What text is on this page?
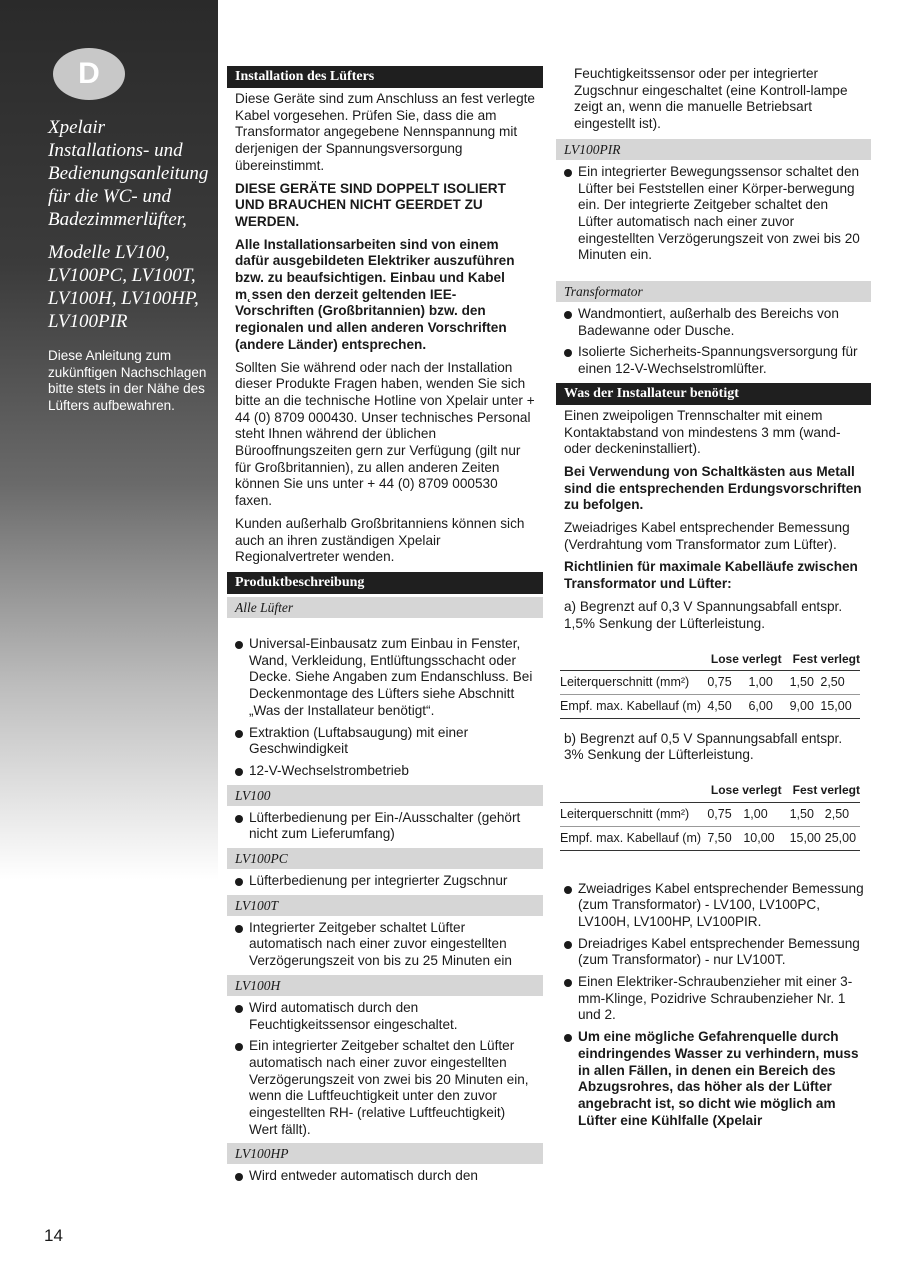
D
Xpelair
Installations- und
Bedienungsanleitung
für die WC- und
Badezimmerlüfter,
Modelle LV100,
LV100PC, LV100T,
LV100H, LV100HP,
LV100PIR
Diese Anleitung zum zukünftigen Nachschlagen bitte stets in der Nähe des Lüfters aufbewahren.
Installation des Lüfters
Diese Geräte sind zum Anschluss an fest verlegte Kabel vorgesehen. Prüfen Sie, dass die am Transformator angegebene Nennspannung mit derjenigen der Spannungsversorgung übereinstimmt.
DIESE GERÄTE SIND DOPPELT ISOLIERT UND BRAUCHEN NICHT GEERDET ZU WERDEN.
Alle Installationsarbeiten sind von einem dafür ausgebildeten Elektriker auszuführen bzw. zu beaufsichtigen. Einbau und Kabel m˛ssen den derzeit geltenden IEE-Vorschriften (Großbritannien) bzw. den regionalen und allen anderen Vorschriften (andere Länder) entsprechen.
Sollten Sie während oder nach der Installation dieser Produkte Fragen haben, wenden Sie sich bitte an die technische Hotline von Xpelair unter + 44 (0) 8709 000430. Unser technisches Personal steht Ihnen während der üblichen Bürooffnungszeiten gern zur Verfügung (gilt nur für Großbritannien), zu allen anderen Zeiten können Sie uns unter + 44 (0) 8709 000530 faxen.
Kunden außerhalb Großbritanniens können sich auch an ihren zuständigen Xpelair Regionalvertreter wenden.
Produktbeschreibung
Alle Lüfter
Universal-Einbausatz zum Einbau in Fenster, Wand, Verkleidung, Entlüftungsschacht oder Decke. Siehe Angaben zum Endanschluss. Bei Deckenmontage des Lüfters siehe Abschnitt „Was der Installateur benötigt“.
Extraktion (Luftabsaugung) mit einer Geschwindigkeit
12-V-Wechselstrombetrieb
LV100
Lüfterbedienung per Ein-/Ausschalter (gehört nicht zum Lieferumfang)
LV100PC
Lüfterbedienung per integrierter Zugschnur
LV100T
Integrierter Zeitgeber schaltet Lüfter automatisch nach einer zuvor eingestellten Verzögerungszeit von bis zu 25 Minuten ein
LV100H
Wird automatisch durch den Feuchtigkeitssensor eingeschaltet.
Ein integrierter Zeitgeber schaltet den Lüfter automatisch nach einer zuvor eingestellten Verzögerungszeit von zwei bis 20 Minuten ein, wenn die Luftfeuchtigkeit unter den zuvor eingestellten RH- (relative Luftfeuchtigkeit) Wert fällt).
LV100HP
Wird entweder automatisch durch den
Feuchtigkeitssensor oder per integrierter Zugschnur eingeschaltet (eine Kontroll-lampe zeigt an, wenn die manuelle Betriebsart eingestellt ist).
LV100PIR
Ein integrierter Bewegungssensor schaltet den Lüfter bei Feststellen einer Körper-berwegung ein. Der integrierte Zeitgeber schaltet den Lüfter automatisch nach einer zuvor eingestellten Verzögerungszeit von zwei bis 20 Minuten ein.
Transformator
Wandmontiert, außerhalb des Bereichs von Badewanne oder Dusche.
Isolierte Sicherheits-Spannungsversorgung für einen 12-V-Wechselstromlüfter.
Was der Installateur benötigt
Einen zweipoligen Trennschalter mit einem Kontaktabstand von mindestens 3 mm (wand- oder deckeninstalliert).
Bei Verwendung von Schaltkästen aus Metall sind die entsprechenden Erdungsvorschriften zu befolgen.
Zweiadriges Kabel entsprechender Bemessung (Verdrahtung vom Transformator zum Lüfter).
Richtlinien für maximale Kabelläufe zwischen Transformator und Lüfter:
a) Begrenzt auf 0,3 V Spannungsabfall entspr. 1,5% Senkung der Lüfterleistung.
	Lose verlegt		Fest verlegt	
Leiterquerschnitt (mm²)	0,75	1,00	1,50	2,50
Empf. max. Kabellauf (m)	4,50	6,00	9,00	15,00
b) Begrenzt auf 0,5 V Spannungsabfall entspr. 3% Senkung der Lüfterleistung.
	Lose verlegt		Fest verlegt	
Leiterquerschnitt (mm²)	0,75	1,00	1,50	2,50
Empf. max. Kabellauf (m)	7,50	10,00	15,00	25,00
Zweiadriges Kabel entsprechender Bemessung (zum Transformator) - LV100, LV100PC, LV100H, LV100HP, LV100PIR.
Dreiadriges Kabel entsprechender Bemessung (zum Transformator) - nur LV100T.
Einen Elektriker-Schraubenzieher mit einer 3-mm-Klinge, Pozidrive Schraubenzieher Nr. 1 und 2.
Um eine mögliche Gefahrenquelle durch eindringendes Wasser zu verhindern, muss in allen Fällen, in denen ein Bereich des Abzugsrohres, das höher als der Lüfter angebracht ist, so dicht wie möglich am Lüfter eine Kühlfalle (Xpelair
14
